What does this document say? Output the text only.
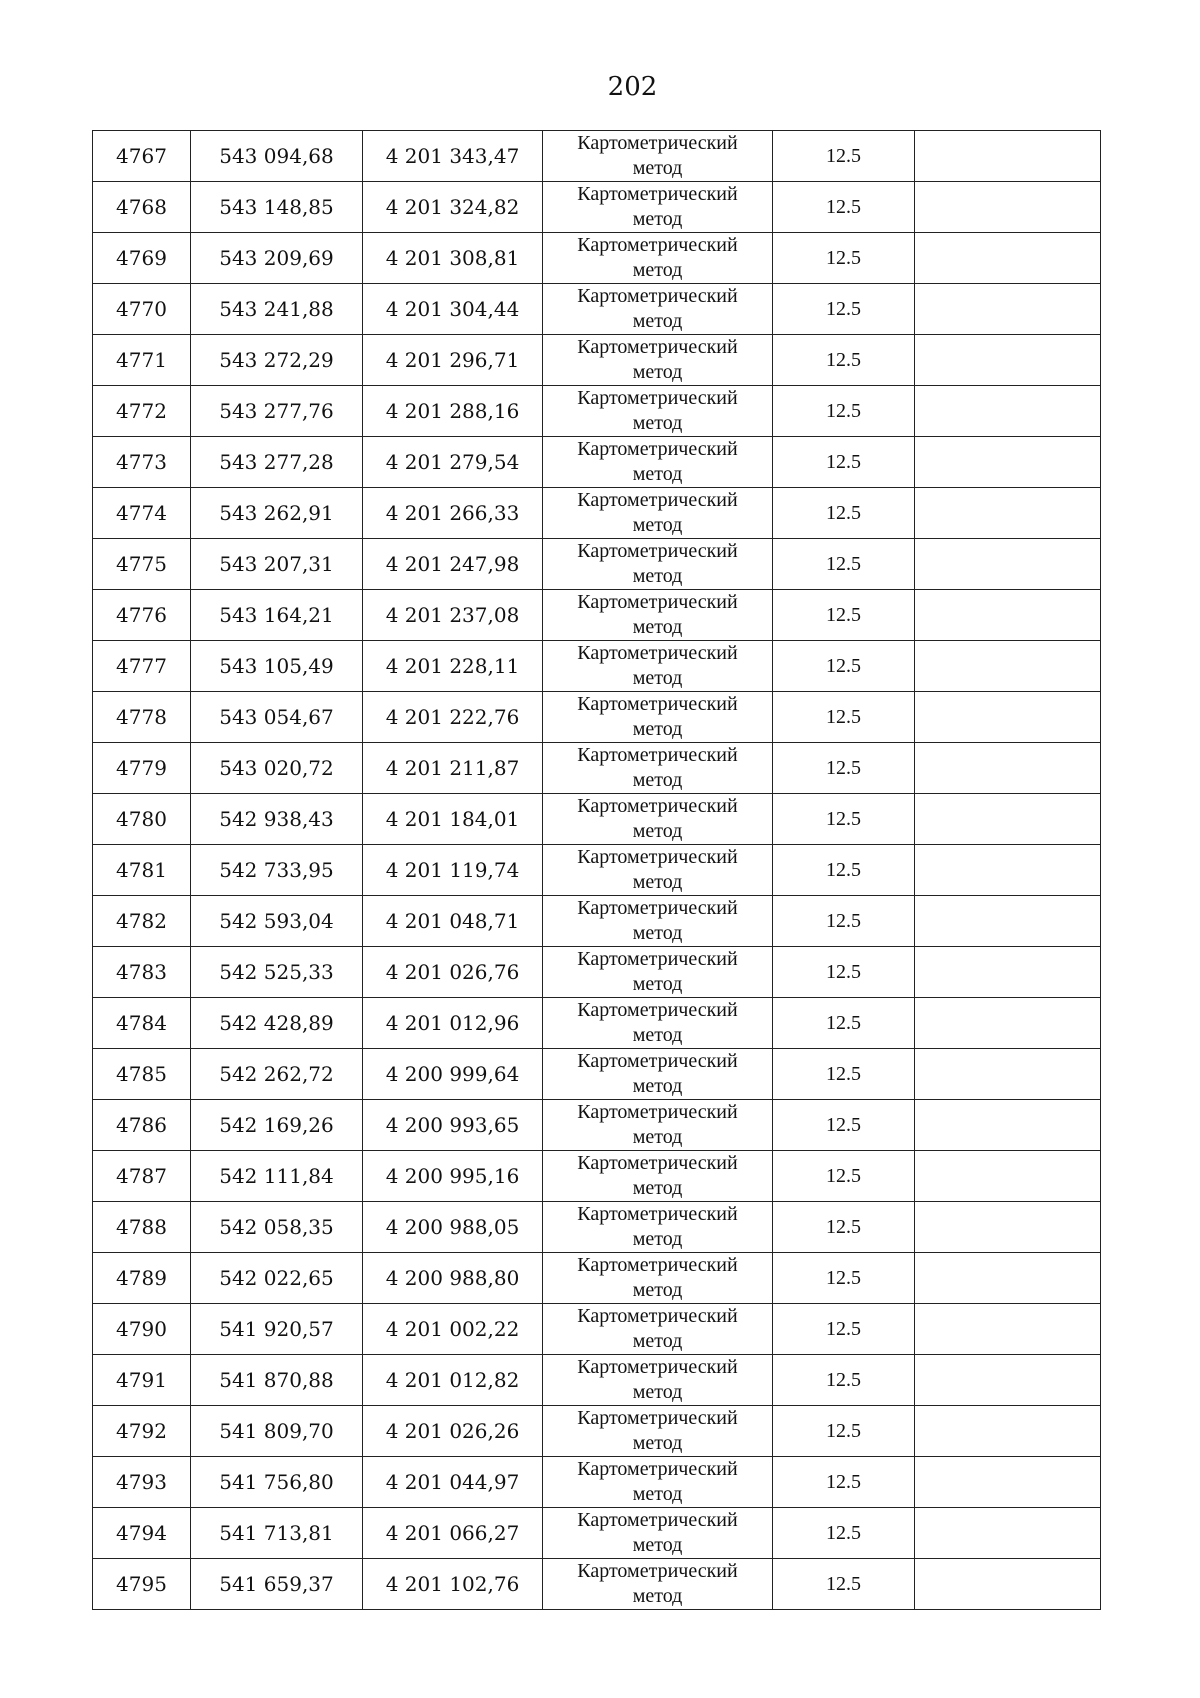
202
4767	543 094,68	4 201 343,47	Картометрический
метод	12.5	
4768	543 148,85	4 201 324,82	Картометрический
метод	12.5	
4769	543 209,69	4 201 308,81	Картометрический
метод	12.5	
4770	543 241,88	4 201 304,44	Картометрический
метод	12.5	
4771	543 272,29	4 201 296,71	Картометрический
метод	12.5	
4772	543 277,76	4 201 288,16	Картометрический
метод	12.5	
4773	543 277,28	4 201 279,54	Картометрический
метод	12.5	
4774	543 262,91	4 201 266,33	Картометрический
метод	12.5	
4775	543 207,31	4 201 247,98	Картометрический
метод	12.5	
4776	543 164,21	4 201 237,08	Картометрический
метод	12.5	
4777	543 105,49	4 201 228,11	Картометрический
метод	12.5	
4778	543 054,67	4 201 222,76	Картометрический
метод	12.5	
4779	543 020,72	4 201 211,87	Картометрический
метод	12.5	
4780	542 938,43	4 201 184,01	Картометрический
метод	12.5	
4781	542 733,95	4 201 119,74	Картометрический
метод	12.5	
4782	542 593,04	4 201 048,71	Картометрический
метод	12.5	
4783	542 525,33	4 201 026,76	Картометрический
метод	12.5	
4784	542 428,89	4 201 012,96	Картометрический
метод	12.5	
4785	542 262,72	4 200 999,64	Картометрический
метод	12.5	
4786	542 169,26	4 200 993,65	Картометрический
метод	12.5	
4787	542 111,84	4 200 995,16	Картометрический
метод	12.5	
4788	542 058,35	4 200 988,05	Картометрический
метод	12.5	
4789	542 022,65	4 200 988,80	Картометрический
метод	12.5	
4790	541 920,57	4 201 002,22	Картометрический
метод	12.5	
4791	541 870,88	4 201 012,82	Картометрический
метод	12.5	
4792	541 809,70	4 201 026,26	Картометрический
метод	12.5	
4793	541 756,80	4 201 044,97	Картометрический
метод	12.5	
4794	541 713,81	4 201 066,27	Картометрический
метод	12.5	
4795	541 659,37	4 201 102,76	Картометрический
метод	12.5	
